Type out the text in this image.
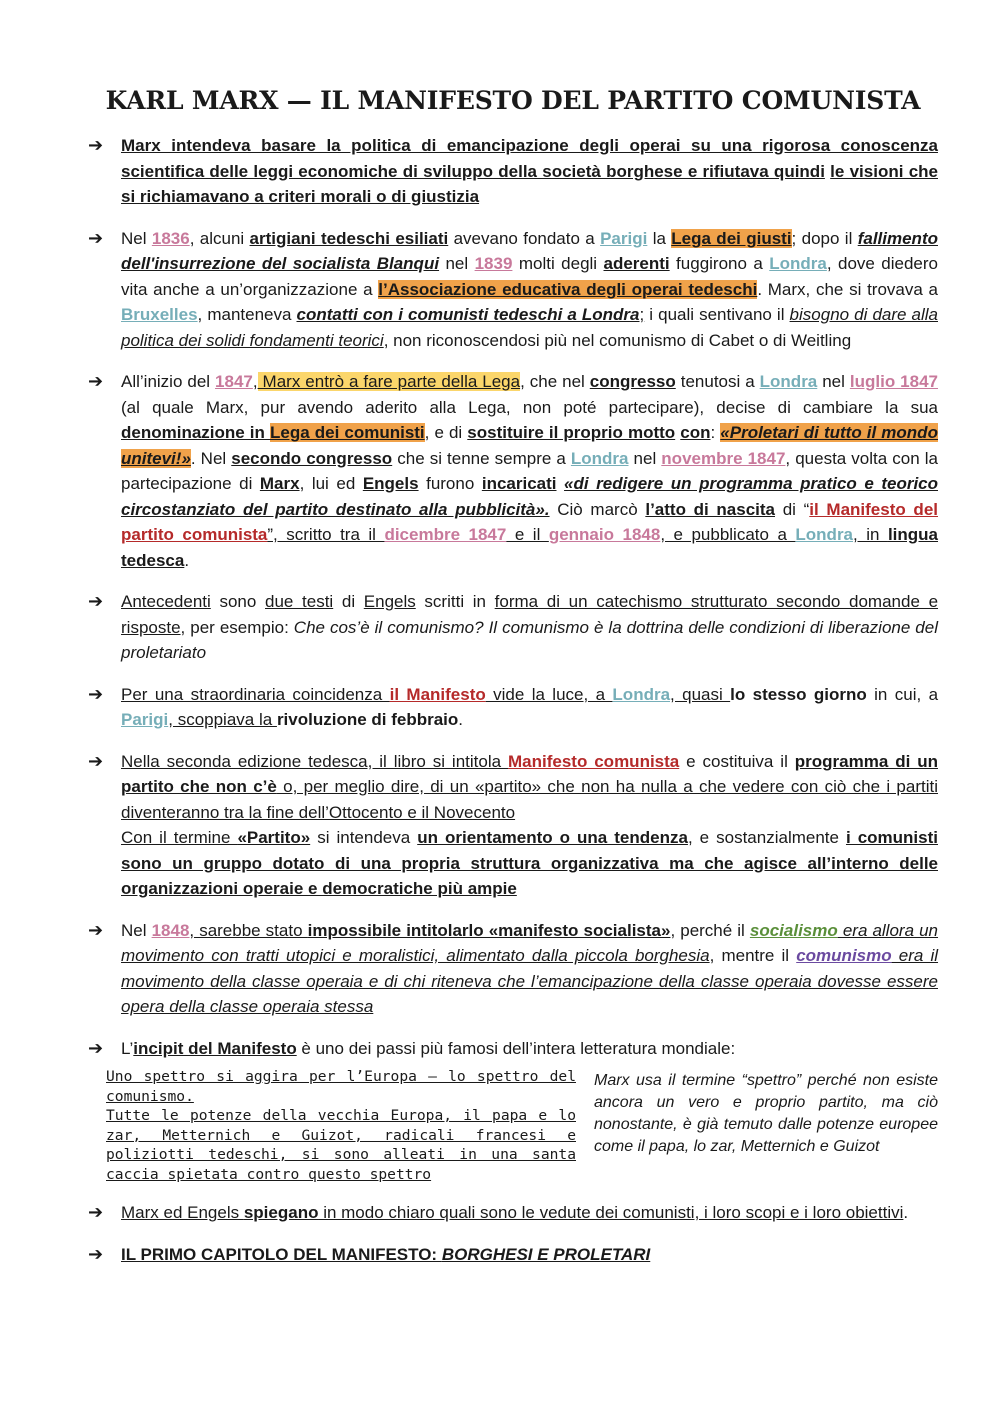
KARL MARX — IL MANIFESTO DEL PARTITO COMUNISTA
➔	Marx intendeva basare la politica di emancipazione degli operai su una rigorosa conoscenza scientifica delle leggi economiche di sviluppo della società borghese e rifiutava quindi le visioni che si richiamavano a criteri morali o di giustizia
➔	Nel 1836, alcuni artigiani tedeschi esiliati avevano fondato a Parigi la Lega dei giusti; dopo il fallimento dell'insurrezione del socialista Blanqui nel 1839 molti degli aderenti fuggirono a Londra, dove diedero vita anche a un’organizzazione a l’Associazione educativa degli operai tedeschi. Marx, che si trovava a Bruxelles, manteneva contatti con i comunisti tedeschi a Londra; i quali sentivano il bisogno di dare alla politica dei solidi fondamenti teorici, non riconoscendosi più nel comunismo di Cabet o di Weitling
➔	All’inizio del 1847, Marx entrò a fare parte della Lega, che nel congresso tenutosi a Londra nel luglio 1847 (al quale Marx, pur avendo aderito alla Lega, non poté partecipare), decise di cambiare la sua denominazione in Lega dei comunisti, e di sostituire il proprio motto con: «Proletari di tutto il mondo unitevi!». Nel secondo congresso che si tenne sempre a Londra nel novembre 1847, questa volta con la partecipazione di Marx, lui ed Engels furono incaricati «di redigere un programma pratico e teorico circostanziato del partito destinato alla pubblicità». Ciò marcò l’atto di nascita di “il Manifesto del partito comunista”, scritto tra il dicembre 1847 e il gennaio 1848, e pubblicato a Londra, in lingua tedesca.
➔	Antecedenti sono due testi di Engels scritti in forma di un catechismo strutturato secondo domande e risposte, per esempio: Che cos’è il comunismo? Il comunismo è la dottrina delle condizioni di liberazione del proletariato
➔	Per una straordinaria coincidenza il Manifesto vide la luce, a Londra, quasi lo stesso giorno in cui, a Parigi, scoppiava la rivoluzione di febbraio.
➔	Nella seconda edizione tedesca, il libro si intitola Manifesto comunista e costituiva il programma di un partito che non c’è o, per meglio dire, di un «partito» che non ha nulla a che vedere con ciò che i partiti diventeranno tra la fine dell’Ottocento e il Novecento
Con il termine «Partito» si intendeva un orientamento o una tendenza, e sostanzialmente i comunisti sono un gruppo dotato di una propria struttura organizzativa ma che agisce all’interno delle organizzazioni operaie e democratiche più ampie
➔	Nel 1848, sarebbe stato impossibile intitolarlo «manifesto socialista», perché il socialismo era allora un movimento con tratti utopici e moralistici, alimentato dalla piccola borghesia, mentre il comunismo era il movimento della classe operaia e di chi riteneva che l’emancipazione della classe operaia dovesse essere opera della classe operaia stessa
➔	L’incipit del Manifesto è uno dei passi più famosi dell’intera letteratura mondiale:
Uno spettro si aggira per l’Europa – lo spettro del comunismo.
Tutte le potenze della vecchia Europa, il papa e lo zar, Metternich e Guizot, radicali francesi e poliziotti tedeschi, si sono alleati in una santa caccia spietata contro questo spettro
Marx usa il termine “spettro” perché non esiste ancora un vero e proprio partito, ma ciò nonostante, è già temuto dalle potenze europee come il papa, lo zar, Metternich e Guizot
➔	Marx ed Engels spiegano in modo chiaro quali sono le vedute dei comunisti, i loro scopi e i loro obiettivi.
➔	IL PRIMO CAPITOLO DEL MANIFESTO: BORGHESI E PROLETARI
